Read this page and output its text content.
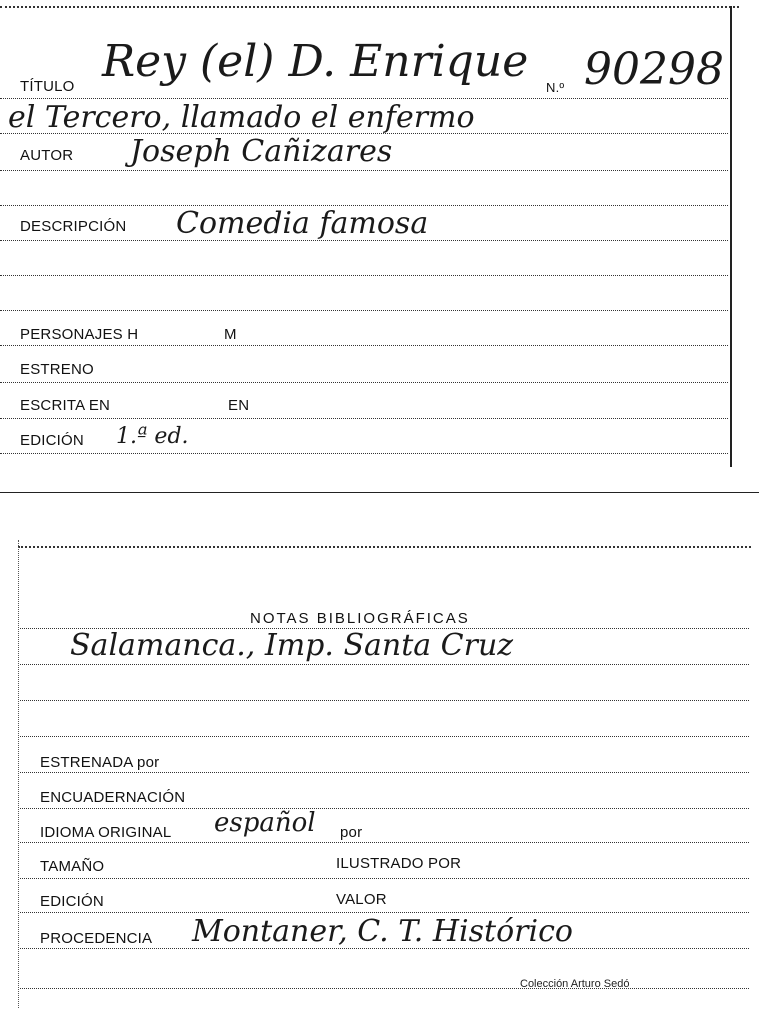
TÍTULO Rey (el) D. Enrique
N.º 90298
el Tercero, llamado el enfermo
AUTOR Joseph Cañizares
DESCRIPCIÓN Comedia famosa
PERSONAJES H	M
ESTRENO
ESCRITA EN	EN
EDICIÓN 1.ª ed.
NOTAS BIBLIOGRÁFICAS
Salamanca., Imp. Santa Cruz
ESTRENADA por
ENCUADERNACIÓN
IDIOMA ORIGINAL español por
TAMAÑO	ILUSTRADO POR
EDICIÓN	VALOR
PROCEDENCIA Montaner, C. T. Histórico
Colección Arturo Sedó
